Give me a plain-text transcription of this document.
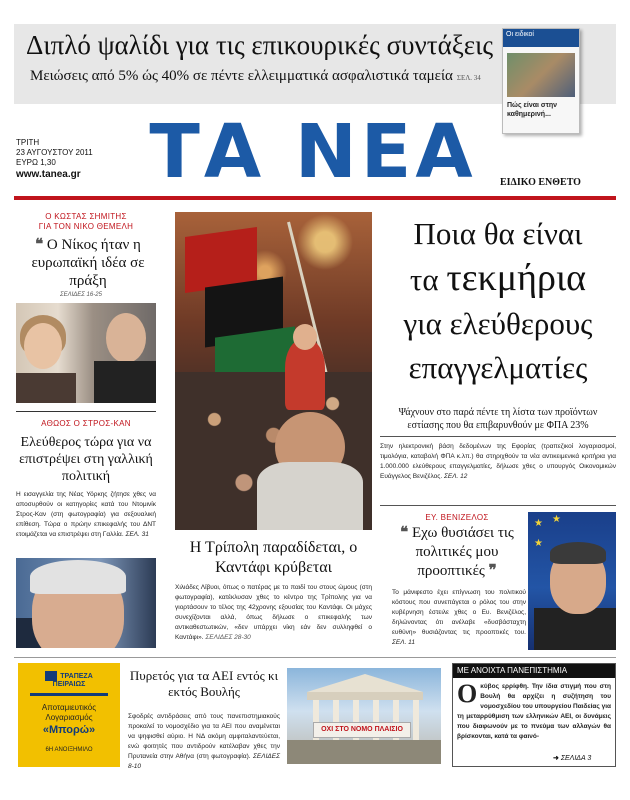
Διπλό ψαλίδι για τις επικουρικές συντάξεις
Μειώσεις από 5% ώς 40% σε πέντε ελλειμματικά ασφαλιστικά ταμεία ΣΕΛ. 34
Οι ειδικοί
Πώς είναι στην καθημερινή...
ΤΡΙΤΗ
23 ΑΥΓΟΥΣΤΟΥ 2011
ΕΥΡΩ 1,30
www.tanea.gr ΤΑ ΝΕΑ ΕΙΔΙΚΟ ΕΝΘΕΤΟ
Ο ΚΩΣΤΑΣ ΣΗΜΙΤΗΣ
ΓΙΑ ΤΟΝ ΝΙΚΟ ΘΕΜΕΛΗ
❝ Ο Νίκος ήταν η ευρωπαϊκή ιδέα σε πράξη
ΣΕΛΙΔΕΣ 16-25
ΑΘΩΟΣ Ο ΣΤΡΟΣ-ΚΑΝ
Ελεύθερος τώρα για να επιστρέψει στη γαλλική πολιτική
Η εισαγγελία της Νέας Υόρκης ζήτησε χθες να αποσυρθούν οι κατηγορίες κατά του Ντομινίκ Στρος-Καν (στη φωτογραφία) για σεξουαλική επίθεση. Τώρα ο πρώην επικεφαλής του ΔΝΤ ετοιμάζεται να επιστρέψει στη Γαλλία. ΣΕΛ. 31
Η Τρίπολη παραδίδεται, ο Καντάφι κρύβεται
Χιλιάδες Λίβυοι, όπως ο πατέρας με το παιδί του στους ώμους (στη φωτογραφία), κατέκλυσαν χθες το κέντρο της Τρίπολης για να γιορτάσουν το τέλος της 42χρονης εξουσίας του Καντάφι. Οι μάχες συνεχίζονται αλλά, όπως δήλωσε ο επικεφαλής των αντικαθεστωτικών, «δεν υπάρχει νίκη εάν δεν συλληφθεί ο Καντάφι». ΣΕΛΙΔΕΣ 28-30
Ποια θα είναι
τα τεκμήρια
για ελεύθερους
επαγγελματίες
Ψάχνουν στο παρά πέντε τη λίστα των προϊόντων εστίασης που θα επιβαρυνθούν με ΦΠΑ 23%
Στην ηλεκτρονική βάση δεδομένων της Εφορίας (τραπεζικοί λογαριασμοί, τιμολόγια, καταβολή ΦΠΑ κ.λπ.) θα στηριχθούν τα νέα αντικειμενικά κριτήρια για 1.000.000 ελεύθερους επαγγελματίες, δήλωσε χθες ο υπουργός Οικονομικών Ευάγγελος Βενιζέλος. ΣΕΛ. 12
ΕΥ. ΒΕΝΙΖΕΛΟΣ
❝ Εχω θυσιάσει τις πολιτικές μου προοπτικές ❞
Το μάνιφεστο έχει επίγνωση του πολιτικού κόστους που συνεπάγεται ο ρόλος του στην κυβέρνηση έστειλε χθες ο Ευ. Βενιζέλος, δηλώνοντας ότι ανέλαβε «δυσβάσταχτη ευθύνη» θυσιάζοντας τις προοπτικές του. ΣΕΛ. 11
★ ★
★
ΤΡΑΠΕΖΑ
ΠΕΙΡΑΙΩΣ
Αποταμιευτικός
Λογαριασμός
«Μπορώ»
6Η ΑΝΟΙΞΗΜΙΛΟ
Πυρετός για τα ΑΕΙ εντός κι εκτός Βουλής
Σφοδρές αντιδράσεις από τους πανεπιστημιακούς προκαλεί το νομοσχέδιο για τα ΑΕΙ που αναμένεται να ψηφισθεί αύριο. Η ΝΔ ακόμη αμφιταλαντεύεται, ενώ φοιτητές που αντιδρούν κατέλαβαν χθες την Πρυτανεία στην Αθήνα (στη φωτογραφία). ΣΕΛΙΔΕΣ 8-10
ΟΧΙ ΣΤΟ ΝΟΜΟ ΠΛΑΙΣΙΟ
ΜΕ ΑΝΟΙΧΤΑ ΠΑΝΕΠΙΣΤΗΜΙΑ
Οκύβος ερρίφθη. Την ίδια στιγμή που στη Βουλή θα αρχίζει η συζήτηση του νομοσχεδίου του υπουργείου Παιδείας για τη μεταρρύθμιση των ελληνικών ΑΕΙ, οι δυνάμεις που διαφωνούν με το πνεύμα των αλλαγών θα βρίσκονται, κατά τα φαινό-
➜ ΣΕΛΙΔΑ 3
